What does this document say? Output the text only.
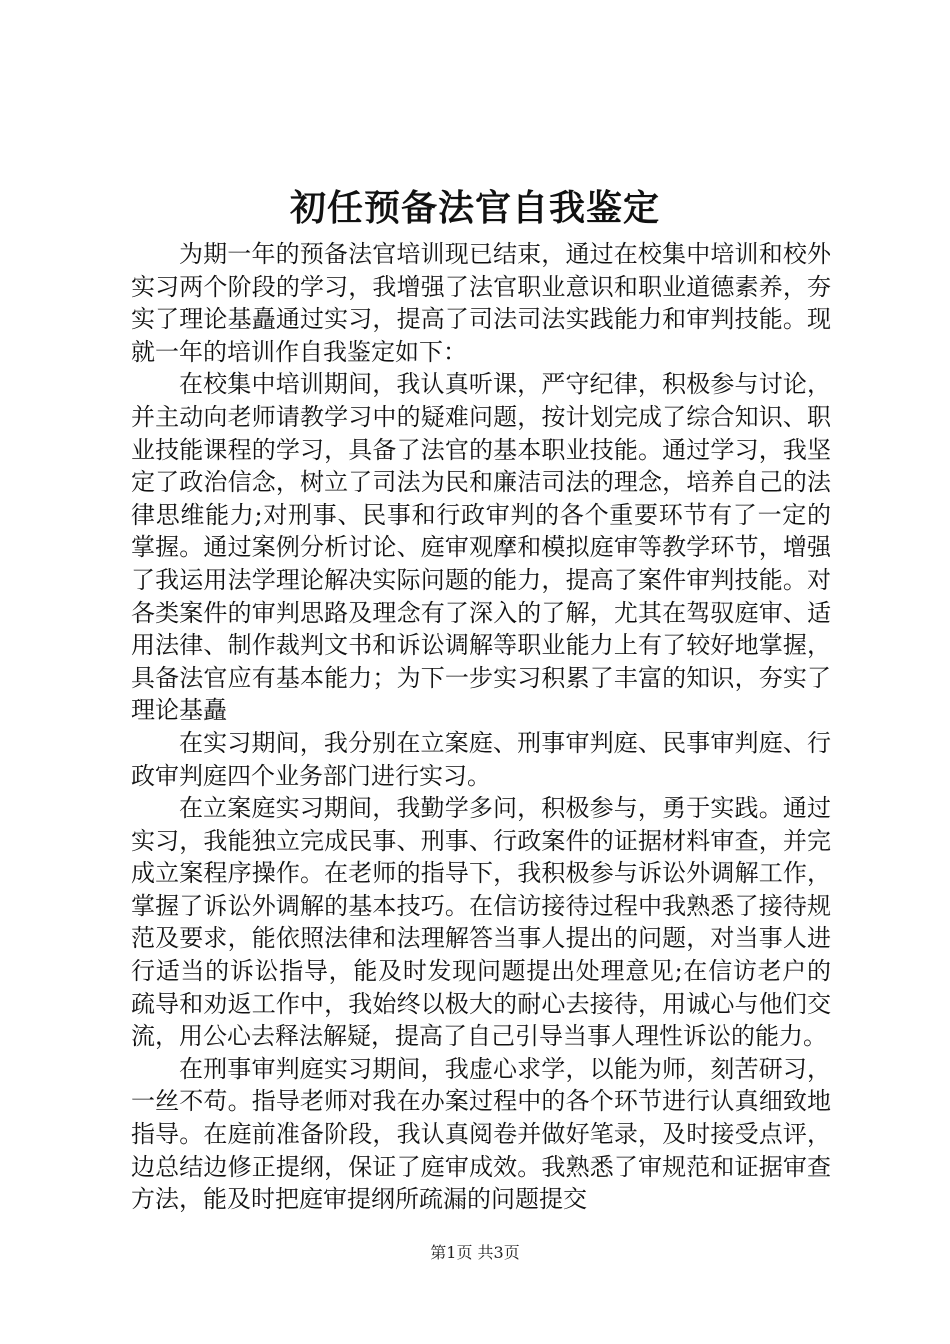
初任预备法官自我鉴定

为期一年的预备法官培训现已结束，通过在校集中培训和校外实习两个阶段的学习，我增强了法官职业意识和职业道德素养，夯实了理论基矗通过实习，提高了司法司法实践能力和审判技能。现就一年的培训作自我鉴定如下：

在校集中培训期间，我认真听课，严守纪律，积极参与讨论，并主动向老师请教学习中的疑难问题，按计划完成了综合知识、职业技能课程的学习，具备了法官的基本职业技能。通过学习，我坚定了政治信念，树立了司法为民和廉洁司法的理念，培养自己的法律思维能力;对刑事、民事和行政审判的各个重要环节有了一定的掌握。通过案例分析讨论、庭审观摩和模拟庭审等教学环节，增强了我运用法学理论解决实际问题的能力，提高了案件审判技能。对各类案件的审判思路及理念有了深入的了解，尤其在驾驭庭审、适用法律、制作裁判文书和诉讼调解等职业能力上有了较好地掌握，具备法官应有基本能力；为下一步实习积累了丰富的知识，夯实了理论基矗

在实习期间，我分别在立案庭、刑事审判庭、民事审判庭、行政审判庭四个业务部门进行实习。

在立案庭实习期间，我勤学多问，积极参与，勇于实践。通过实习，我能独立完成民事、刑事、行政案件的证据材料审查，并完成立案程序操作。在老师的指导下，我积极参与诉讼外调解工作，掌握了诉讼外调解的基本技巧。在信访接待过程中我熟悉了接待规范及要求，能依照法律和法理解答当事人提出的问题，对当事人进行适当的诉讼指导，能及时发现问题提出处理意见;在信访老户的疏导和劝返工作中，我始终以极大的耐心去接待，用诚心与他们交流，用公心去释法解疑，提高了自己引导当事人理性诉讼的能力。

在刑事审判庭实习期间，我虚心求学，以能为师，刻苦研习，一丝不苟。指导老师对我在办案过程中的各个环节进行认真细致地指导。在庭前准备阶段，我认真阅卷并做好笔录，及时接受点评，边总结边修正提纲，保证了庭审成效。我熟悉了审规范和证据审查方法，能及时把庭审提纲所疏漏的问题提交

第1页 共3页
